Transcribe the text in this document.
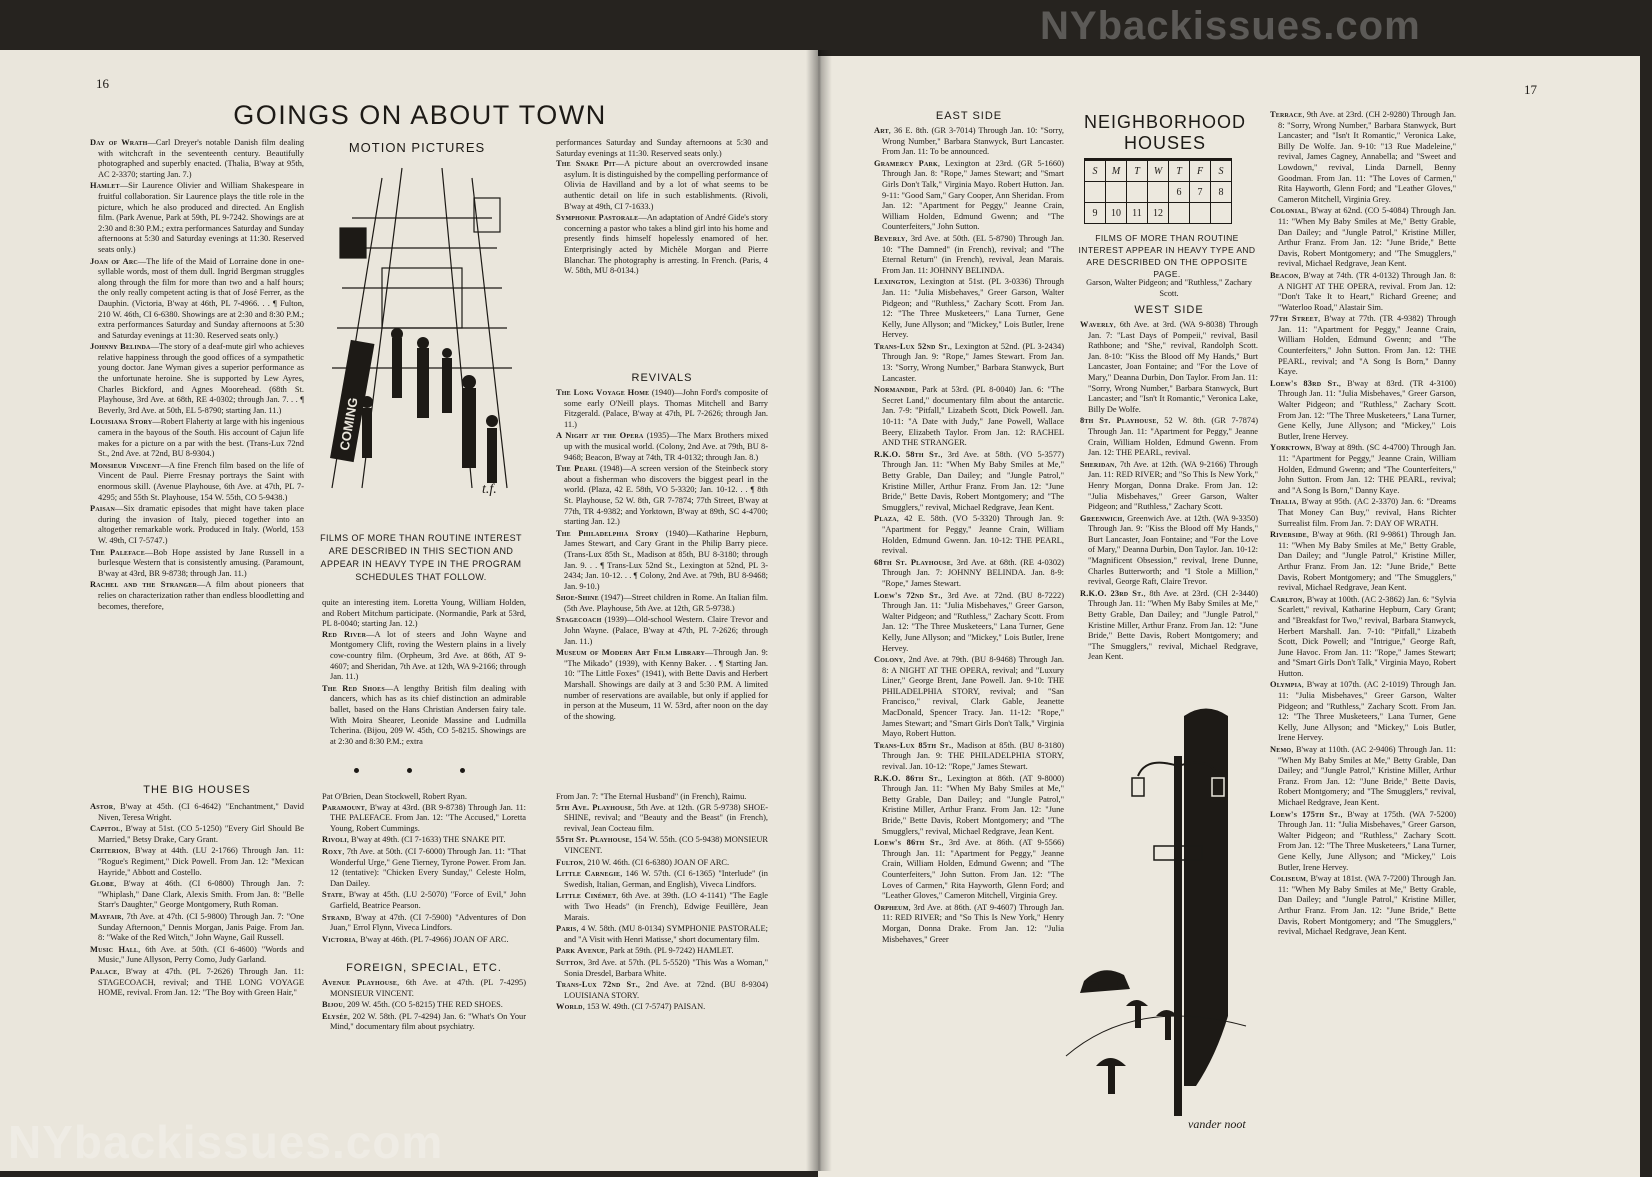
16
GOINGS ON ABOUT TOWN
MOTION PICTURES
Day of Wrath—Carl Dreyer's notable Danish film dealing with witchcraft in the seventeenth century. Beautifully photographed and superbly enacted. (Thalia, B'way at 95th, AC 2-3370; starting Jan. 7.)
Hamlet—Sir Laurence Olivier and William Shakespeare in fruitful collaboration. Sir Laurence plays the title role in the picture, which he also produced and directed. An English film. (Park Avenue, Park at 59th, PL 9-7242. Showings are at 2:30 and 8:30 P.M.; extra performances Saturday and Sunday afternoons at 5:30 and Saturday evenings at 11:30. Reserved seats only.)
Joan of Arc—The life of the Maid of Lorraine done in one-syllable words, most of them dull. Ingrid Bergman struggles along through the film for more than two and a half hours; the only really competent acting is that of José Ferrer, as the Dauphin. (Victoria, B'way at 46th, PL 7-4966. . . ¶ Fulton, 210 W. 46th, CI 6-6380. Showings are at 2:30 and 8:30 P.M.; extra performances Saturday and Sunday afternoons at 5:30 and Saturday evenings at 11:30. Reserved seats only.)
Johnny Belinda—The story of a deaf-mute girl who achieves relative happiness through the good offices of a sympathetic young doctor. Jane Wyman gives a superior performance as the unfortunate heroine. She is supported by Lew Ayres, Charles Bickford, and Agnes Moorehead. (68th St. Playhouse, 3rd Ave. at 68th, RE 4-0302; through Jan. 7. . . ¶ Beverly, 3rd Ave. at 50th, EL 5-8790; starting Jan. 11.)
Louisiana Story—Robert Flaherty at large with his ingenious camera in the bayous of the South. His account of Cajun life makes for a picture on a par with the best. (Trans-Lux 72nd St., 2nd Ave. at 72nd, BU 8-9304.)
Monsieur Vincent—A fine French film based on the life of Vincent de Paul. Pierre Fresnay portrays the Saint with enormous skill. (Avenue Playhouse, 6th Ave. at 47th, PL 7-4295; and 55th St. Playhouse, 154 W. 55th, CO 5-9438.)
Paisan—Six dramatic episodes that might have taken place during the invasion of Italy, pieced together into an altogether remarkable work. Produced in Italy. (World, 153 W. 49th, CI 7-5747.)
The Paleface—Bob Hope assisted by Jane Russell in a burlesque Western that is consistently amusing. (Paramount, B'way at 43rd, BR 9-8738; through Jan. 11.)
Rachel and the Stranger—A film about pioneers that relies on characterization rather than endless bloodletting and becomes, therefore,
COMING
t.f.
FILMS OF MORE THAN ROUTINE INTEREST ARE DESCRIBED IN THIS SECTION AND APPEAR IN HEAVY TYPE IN THE PROGRAM SCHEDULES THAT FOLLOW.
quite an interesting item. Loretta Young, William Holden, and Robert Mitchum participate. (Normandie, Park at 53rd, PL 8-0040; starting Jan. 12.)
Red River—A lot of steers and John Wayne and Montgomery Clift, roving the Western plains in a lively cow-country film. (Orpheum, 3rd Ave. at 86th, AT 9-4607; and Sheridan, 7th Ave. at 12th, WA 9-2166; through Jan. 11.)
The Red Shoes—A lengthy British film dealing with dancers, which has as its chief distinction an admirable ballet, based on the Hans Christian Andersen fairy tale. With Moira Shearer, Leonide Massine and Ludmilla Tcherina. (Bijou, 209 W. 45th, CO 5-8215. Showings are at 2:30 and 8:30 P.M.; extra
performances Saturday and Sunday afternoons at 5:30 and Saturday evenings at 11:30. Reserved seats only.)
The Snake Pit—A picture about an overcrowded insane asylum. It is distinguished by the compelling performance of Olivia de Havilland and by a lot of what seems to be authentic detail on life in such establishments. (Rivoli, B'way at 49th, CI 7-1633.)
Symphonie Pastorale—An adaptation of André Gide's story concerning a pastor who takes a blind girl into his home and presently finds himself hopelessly enamored of her. Enterprisingly acted by Michèle Morgan and Pierre Blanchar. The photography is arresting. In French. (Paris, 4 W. 58th, MU 8-0134.)
REVIVALS
The Long Voyage Home (1940)—John Ford's composite of some early O'Neill plays. Thomas Mitchell and Barry Fitzgerald. (Palace, B'way at 47th, PL 7-2626; through Jan. 11.)
A Night at the Opera (1935)—The Marx Brothers mixed up with the musical world. (Colony, 2nd Ave. at 79th, BU 8-9468; Beacon, B'way at 74th, TR 4-0132; through Jan. 8.)
The Pearl (1948)—A screen version of the Steinbeck story about a fisherman who discovers the biggest pearl in the world. (Plaza, 42 E. 58th, VO 5-3320; Jan. 10-12. . . ¶ 8th St. Playhouse, 52 W. 8th, GR 7-7874; 77th Street, B'way at 77th, TR 4-9382; and Yorktown, B'way at 89th, SC 4-4700; starting Jan. 12.)
The Philadelphia Story (1940)—Katharine Hepburn, James Stewart, and Cary Grant in the Philip Barry piece. (Trans-Lux 85th St., Madison at 85th, BU 8-3180; through Jan. 9. . . ¶ Trans-Lux 52nd St., Lexington at 52nd, PL 3-2434; Jan. 10-12. . . ¶ Colony, 2nd Ave. at 79th, BU 8-9468; Jan. 9-10.)
Shoe-Shine (1947)—Street children in Rome. An Italian film. (5th Ave. Playhouse, 5th Ave. at 12th, GR 5-9738.)
Stagecoach (1939)—Old-school Western. Claire Trevor and John Wayne. (Palace, B'way at 47th, PL 7-2626; through Jan. 11.)
Museum of Modern Art Film Library—Through Jan. 9: "The Mikado" (1939), with Kenny Baker. . . ¶ Starting Jan. 10: "The Little Foxes" (1941), with Bette Davis and Herbert Marshall. Showings are daily at 3 and 5:30 P.M. A limited number of reservations are available, but only if applied for in person at the Museum, 11 W. 53rd, after noon on the day of the showing.
THE BIG HOUSES
Astor, B'way at 45th. (CI 6-4642) "Enchantment," David Niven, Teresa Wright.
Capitol, B'way at 51st. (CO 5-1250) "Every Girl Should Be Married," Betsy Drake, Cary Grant.
Criterion, B'way at 44th. (LU 2-1766) Through Jan. 11: "Rogue's Regiment," Dick Powell. From Jan. 12: "Mexican Hayride," Abbott and Costello.
Globe, B'way at 46th. (CI 6-0800) Through Jan. 7: "Whiplash," Dane Clark, Alexis Smith. From Jan. 8: "Belle Starr's Daughter," George Montgomery, Ruth Roman.
Mayfair, 7th Ave. at 47th. (CI 5-9800) Through Jan. 7: "One Sunday Afternoon," Dennis Morgan, Janis Paige. From Jan. 8: "Wake of the Red Witch," John Wayne, Gail Russell.
Music Hall, 6th Ave. at 50th. (CI 6-4600) "Words and Music," June Allyson, Perry Como, Judy Garland.
Palace, B'way at 47th. (PL 7-2626) Through Jan. 11: STAGECOACH, revival; and THE LONG VOYAGE HOME, revival. From Jan. 12: "The Boy with Green Hair,"
Pat O'Brien, Dean Stockwell, Robert Ryan.
Paramount, B'way at 43rd. (BR 9-8738) Through Jan. 11: THE PALEFACE. From Jan. 12: "The Accused," Loretta Young, Robert Cummings.
Rivoli, B'way at 49th. (CI 7-1633) THE SNAKE PIT.
Roxy, 7th Ave. at 50th. (CI 7-6000) Through Jan. 11: "That Wonderful Urge," Gene Tierney, Tyrone Power. From Jan. 12 (tentative): "Chicken Every Sunday," Celeste Holm, Dan Dailey.
State, B'way at 45th. (LU 2-5070) "Force of Evil," John Garfield, Beatrice Pearson.
Strand, B'way at 47th. (CI 7-5900) "Adventures of Don Juan," Errol Flynn, Viveca Lindfors.
Victoria, B'way at 46th. (PL 7-4966) JOAN OF ARC.
FOREIGN, SPECIAL, ETC.
Avenue Playhouse, 6th Ave. at 47th. (PL 7-4295) MONSIEUR VINCENT.
Bijou, 209 W. 45th. (CO 5-8215) THE RED SHOES.
Elysée, 202 W. 58th. (PL 7-4294) Jan. 6: "What's On Your Mind," documentary film about psychiatry.
From Jan. 7: "The Eternal Husband" (in French), Raimu.
5th Ave. Playhouse, 5th Ave. at 12th. (GR 5-9738) SHOE-SHINE, revival; and "Beauty and the Beast" (in French), revival, Jean Cocteau film.
55th St. Playhouse, 154 W. 55th. (CO 5-9438) MONSIEUR VINCENT.
Fulton, 210 W. 46th. (CI 6-6380) JOAN OF ARC.
Little Carnegie, 146 W. 57th. (CI 6-1365) "Interlude" (in Swedish, Italian, German, and English), Viveca Lindfors.
Little Cinémet, 6th Ave. at 39th. (LO 4-1141) "The Eagle with Two Heads" (in French), Edwige Feuillère, Jean Marais.
Paris, 4 W. 58th. (MU 8-0134) SYMPHONIE PASTORALE; and "A Visit with Henri Matisse," short documentary film.
Park Avenue, Park at 59th. (PL 9-7242) HAMLET.
Sutton, 3rd Ave. at 57th. (PL 5-5520) "This Was a Woman," Sonia Dresdel, Barbara White.
Trans-Lux 72nd St., 2nd Ave. at 72nd. (BU 8-9304) LOUISIANA STORY.
World, 153 W. 49th. (CI 7-5747) PAISAN.
17
EAST SIDE
Art, 36 E. 8th. (GR 3-7014) Through Jan. 10: "Sorry, Wrong Number," Barbara Stanwyck, Burt Lancaster. From Jan. 11: To be announced.
Gramercy Park, Lexington at 23rd. (GR 5-1660) Through Jan. 8: "Rope," James Stewart; and "Smart Girls Don't Talk," Virginia Mayo. Robert Hutton. Jan. 9-11: "Good Sam," Gary Cooper, Ann Sheridan. From Jan. 12: "Apartment for Peggy," Jeanne Crain, William Holden, Edmund Gwenn; and "The Counterfeiters," John Sutton.
Beverly, 3rd Ave. at 50th. (EL 5-8790) Through Jan. 10: "The Damned" (in French), revival; and "The Eternal Return" (in French), revival, Jean Marais. From Jan. 11: JOHNNY BELINDA.
Lexington, Lexington at 51st. (PL 3-0336) Through Jan. 11: "Julia Misbehaves," Greer Garson, Walter Pidgeon; and "Ruthless," Zachary Scott. From Jan. 12: "The Three Musketeers," Lana Turner, Gene Kelly, June Allyson; and "Mickey," Lois Butler, Irene Hervey.
Trans-Lux 52nd St., Lexington at 52nd. (PL 3-2434) Through Jan. 9: "Rope," James Stewart. From Jan. 13: "Sorry, Wrong Number," Barbara Stanwyck, Burt Lancaster.
Normandie, Park at 53rd. (PL 8-0040) Jan. 6: "The Secret Land," documentary film about the antarctic. Jan. 7-9: "Pitfall," Lizabeth Scott, Dick Powell. Jan. 10-11: "A Date with Judy," Jane Powell, Wallace Beery, Elizabeth Taylor. From Jan. 12: RACHEL AND THE STRANGER.
R.K.O. 58th St., 3rd Ave. at 58th. (VO 5-3577) Through Jan. 11: "When My Baby Smiles at Me," Betty Grable, Dan Dailey; and "Jungle Patrol," Kristine Miller, Arthur Franz. From Jan. 12: "June Bride," Bette Davis, Robert Montgomery; and "The Smugglers," revival, Michael Redgrave, Jean Kent.
Plaza, 42 E. 58th. (VO 5-3320) Through Jan. 9: "Apartment for Peggy," Jeanne Crain, William Holden, Edmund Gwenn. Jan. 10-12: THE PEARL, revival.
68th St. Playhouse, 3rd Ave. at 68th. (RE 4-0302) Through Jan. 7: JOHNNY BELINDA. Jan. 8-9: "Rope," James Stewart.
Loew's 72nd St., 3rd Ave. at 72nd. (BU 8-7222) Through Jan. 11: "Julia Misbehaves," Greer Garson, Walter Pidgeon; and "Ruthless," Zachary Scott. From Jan. 12: "The Three Musketeers," Lana Turner, Gene Kelly, June Allyson; and "Mickey," Lois Butler, Irene Hervey.
Colony, 2nd Ave. at 79th. (BU 8-9468) Through Jan. 8: A NIGHT AT THE OPERA, revival; and "Luxury Liner," George Brent, Jane Powell. Jan. 9-10: THE PHILADELPHIA STORY, revival; and "San Francisco," revival, Clark Gable, Jeanette MacDonald, Spencer Tracy. Jan. 11-12: "Rope," James Stewart; and "Smart Girls Don't Talk," Virginia Mayo, Robert Hutton.
Trans-Lux 85th St., Madison at 85th. (BU 8-3180) Through Jan. 9: THE PHILADELPHIA STORY, revival. Jan. 10-12: "Rope," James Stewart.
R.K.O. 86th St., Lexington at 86th. (AT 9-8000) Through Jan. 11: "When My Baby Smiles at Me," Betty Grable, Dan Dailey; and "Jungle Patrol," Kristine Miller, Arthur Franz. From Jan. 12: "June Bride," Bette Davis, Robert Montgomery; and "The Smugglers," revival, Michael Redgrave, Jean Kent.
Loew's 86th St., 3rd Ave. at 86th. (AT 9-5566) Through Jan. 11: "Apartment for Peggy," Jeanne Crain, William Holden, Edmund Gwenn; and "The Counterfeiters," John Sutton. From Jan. 12: "The Loves of Carmen," Rita Hayworth, Glenn Ford; and "Leather Gloves," Cameron Mitchell, Virginia Grey.
Orpheum, 3rd Ave. at 86th. (AT 9-4607) Through Jan. 11: RED RIVER; and "So This Is New York," Henry Morgan, Donna Drake. From Jan. 12: "Julia Misbehaves," Greer
NEIGHBORHOOD
HOUSES
S	M	T	W	T	F	S
				6	7	8
9	10	11	12			
FILMS OF MORE THAN ROUTINE INTEREST APPEAR IN HEAVY TYPE AND ARE DESCRIBED ON THE OPPOSITE PAGE.
Garson, Walter Pidgeon; and "Ruthless," Zachary Scott.
WEST SIDE
Waverly, 6th Ave. at 3rd. (WA 9-8038) Through Jan. 7: "Last Days of Pompeii," revival, Basil Rathbone; and "She," revival, Randolph Scott. Jan. 8-10: "Kiss the Blood off My Hands," Burt Lancaster, Joan Fontaine; and "For the Love of Mary," Deanna Durbin, Don Taylor. From Jan. 11: "Sorry, Wrong Number," Barbara Stanwyck, Burt Lancaster; and "Isn't It Romantic," Veronica Lake, Billy De Wolfe.
8th St. Playhouse, 52 W. 8th. (GR 7-7874) Through Jan. 11: "Apartment for Peggy," Jeanne Crain, William Holden, Edmund Gwenn. From Jan. 12: THE PEARL, revival.
Sheridan, 7th Ave. at 12th. (WA 9-2166) Through Jan. 11: RED RIVER; and "So This Is New York," Henry Morgan, Donna Drake. From Jan. 12: "Julia Misbehaves," Greer Garson, Walter Pidgeon; and "Ruthless," Zachary Scott.
Greenwich, Greenwich Ave. at 12th. (WA 9-3350) Through Jan. 9: "Kiss the Blood off My Hands," Burt Lancaster, Joan Fontaine; and "For the Love of Mary," Deanna Durbin, Don Taylor. Jan. 10-12: "Magnificent Obsession," revival, Irene Dunne, Charles Butterworth; and "I Stole a Million," revival, George Raft, Claire Trevor.
R.K.O. 23rd St., 8th Ave. at 23rd. (CH 2-3440) Through Jan. 11: "When My Baby Smiles at Me," Betty Grable, Dan Dailey; and "Jungle Patrol," Kristine Miller, Arthur Franz. From Jan. 12: "June Bride," Bette Davis, Robert Montgomery; and "The Smugglers," revival, Michael Redgrave, Jean Kent.
vander noot
Terrace, 9th Ave. at 23rd. (CH 2-9280) Through Jan. 8: "Sorry, Wrong Number," Barbara Stanwyck, Burt Lancaster; and "Isn't It Romantic," Veronica Lake, Billy De Wolfe. Jan. 9-10: "13 Rue Madeleine," revival, James Cagney, Annabella; and "Sweet and Lowdown," revival, Linda Darnell, Benny Goodman. From Jan. 11: "The Loves of Carmen," Rita Hayworth, Glenn Ford; and "Leather Gloves," Cameron Mitchell, Virginia Grey.
Colonial, B'way at 62nd. (CO 5-4084) Through Jan. 11: "When My Baby Smiles at Me," Betty Grable, Dan Dailey; and "Jungle Patrol," Kristine Miller, Arthur Franz. From Jan. 12: "June Bride," Bette Davis, Robert Montgomery; and "The Smugglers," revival, Michael Redgrave, Jean Kent.
Beacon, B'way at 74th. (TR 4-0132) Through Jan. 8: A NIGHT AT THE OPERA, revival. From Jan. 12: "Don't Take It to Heart," Richard Greene; and "Waterloo Road," Alastair Sim.
77th Street, B'way at 77th. (TR 4-9382) Through Jan. 11: "Apartment for Peggy," Jeanne Crain, William Holden, Edmund Gwenn; and "The Counterfeiters," John Sutton. From Jan. 12: THE PEARL, revival; and "A Song Is Born," Danny Kaye.
Loew's 83rd St., B'way at 83rd. (TR 4-3100) Through Jan. 11: "Julia Misbehaves," Greer Garson, Walter Pidgeon; and "Ruthless," Zachary Scott. From Jan. 12: "The Three Musketeers," Lana Turner, Gene Kelly, June Allyson; and "Mickey," Lois Butler, Irene Hervey.
Yorktown, B'way at 89th. (SC 4-4700) Through Jan. 11: "Apartment for Peggy," Jeanne Crain, William Holden, Edmund Gwenn; and "The Counterfeiters," John Sutton. From Jan. 12: THE PEARL, revival; and "A Song Is Born," Danny Kaye.
Thalia, B'way at 95th. (AC 2-3370) Jan. 6: "Dreams That Money Can Buy," revival, Hans Richter Surrealist film. From Jan. 7: DAY OF WRATH.
Riverside, B'way at 96th. (RI 9-9861) Through Jan. 11: "When My Baby Smiles at Me," Betty Grable, Dan Dailey; and "Jungle Patrol," Kristine Miller, Arthur Franz. From Jan. 12: "June Bride," Bette Davis, Robert Montgomery; and "The Smugglers," revival, Michael Redgrave, Jean Kent.
Carlton, B'way at 100th. (AC 2-3862) Jan. 6: "Sylvia Scarlett," revival, Katharine Hepburn, Cary Grant; and "Breakfast for Two," revival, Barbara Stanwyck, Herbert Marshall. Jan. 7-10: "Pitfall," Lizabeth Scott, Dick Powell; and "Intrigue," George Raft, June Havoc. From Jan. 11: "Rope," James Stewart; and "Smart Girls Don't Talk," Virginia Mayo, Robert Hutton.
Olympia, B'way at 107th. (AC 2-1019) Through Jan. 11: "Julia Misbehaves," Greer Garson, Walter Pidgeon; and "Ruthless," Zachary Scott. From Jan. 12: "The Three Musketeers," Lana Turner, Gene Kelly, June Allyson; and "Mickey," Lois Butler, Irene Hervey.
Nemo, B'way at 110th. (AC 2-9406) Through Jan. 11: "When My Baby Smiles at Me," Betty Grable, Dan Dailey; and "Jungle Patrol," Kristine Miller, Arthur Franz. From Jan. 12: "June Bride," Bette Davis, Robert Montgomery; and "The Smugglers," revival, Michael Redgrave, Jean Kent.
Loew's 175th St., B'way at 175th. (WA 7-5200) Through Jan. 11: "Julia Misbehaves," Greer Garson, Walter Pidgeon; and "Ruthless," Zachary Scott. From Jan. 12: "The Three Musketeers," Lana Turner, Gene Kelly, June Allyson; and "Mickey," Lois Butler, Irene Hervey.
Coliseum, B'way at 181st. (WA 7-7200) Through Jan. 11: "When My Baby Smiles at Me," Betty Grable, Dan Dailey; and "Jungle Patrol," Kristine Miller, Arthur Franz. From Jan. 12: "June Bride," Bette Davis, Robert Montgomery; and "The Smugglers," revival, Michael Redgrave, Jean Kent.
NYbackissues.com
NYbackissues.com
